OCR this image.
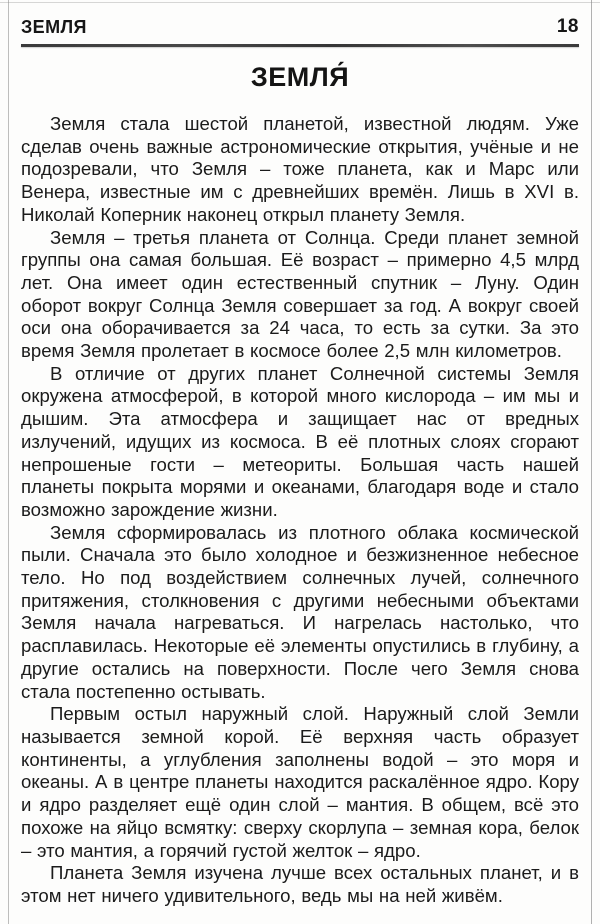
ЗЕМЛЯ	18
ЗЕМЛЯ́

Земля стала шестой планетой, известной людям. Уже сделав очень важные астрономические открытия, учёные и не подозревали, что Земля – тоже планета, как и Марс или Венера, известные им с древнейших времён. Лишь в XVI в. Николай Коперник наконец открыл планету Земля.

Земля – третья планета от Солнца. Среди планет земной группы она самая большая. Её возраст – примерно 4,5 млрд лет. Она имеет один естественный спутник – Луну. Один оборот вокруг Солнца Земля совершает за год. А вокруг своей оси она оборачивается за 24 часа, то есть за сутки. За это время Земля пролетает в космосе более 2,5 млн километров.

В отличие от других планет Солнечной системы Земля окружена атмосферой, в которой много кислорода – им мы и дышим. Эта атмосфера и защищает нас от вредных излучений, идущих из космоса. В её плотных слоях сгорают непрошеные гости – метеориты. Большая часть нашей планеты покрыта морями и океанами, благодаря воде и стало возможно зарождение жизни.

Земля сформировалась из плотного облака космической пыли. Сначала это было холодное и безжизненное небесное тело. Но под воздействием солнечных лучей, солнечного притяжения, столкновения с другими небесными объектами Земля начала нагреваться. И нагрелась настолько, что расплавилась. Некоторые её элементы опустились в глубину, а другие остались на поверхности. После чего Земля снова стала постепенно остывать.

Первым остыл наружный слой. Наружный слой Земли называется земной корой. Её верхняя часть образует континенты, а углубления заполнены водой – это моря и океаны. А в центре планеты находится раскалённое ядро. Кору и ядро разделяет ещё один слой – мантия. В общем, всё это похоже на яйцо всмятку: сверху скорлупа – земная кора, белок – это мантия, а горячий густой желток – ядро.

Планета Земля изучена лучше всех остальных планет, и в этом нет ничего удивительного, ведь мы на ней живём.
